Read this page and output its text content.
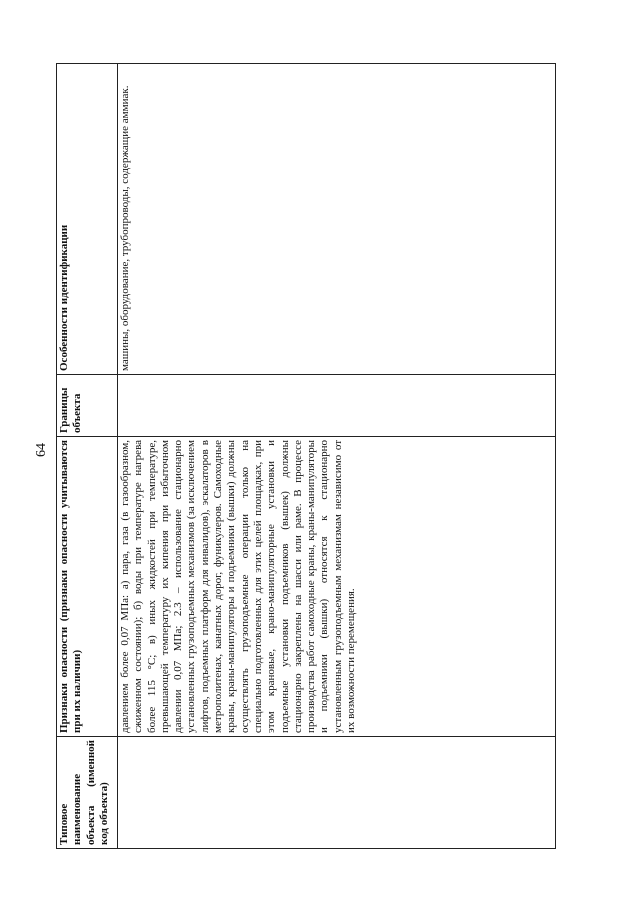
64
Типовое наименование объекта (именной код объекта)	Признаки опасности (признаки опасности учитываются при их наличии)	Границы объекта	Особенности идентификации
	давлением более 0,07 МПа: а) пара, газа (в газообразном, сжиженном состоянии); б) воды при температуре нагрева более 115 °C; в) иных жидкостей при температуре, превышающей температуру их кипения при избыточном давлении 0,07 МПа; 2.3 – использование стационарно установленных грузоподъемных механизмов (за исключением лифтов, подъемных платформ для инвалидов), эскалаторов в метрополитенах, канатных дорог, фуникулеров. Самоходные краны, краны-манипуляторы и подъемники (вышки) должны осуществлять грузоподъемные операции только на специально подготовленных для этих целей площадках, при этом крановые, крано-манипуляторные установки и подъемные установки подъемников (вышек) должны стационарно закреплены на шасси или раме. В процессе производства работ самоходные краны, краны-манипуляторы и подъемники (вышки) относятся к стационарно установленным грузоподъемным механизмам независимо от их возможности перемещения.		машины, оборудование, трубопроводы, содержащие аммиак.
